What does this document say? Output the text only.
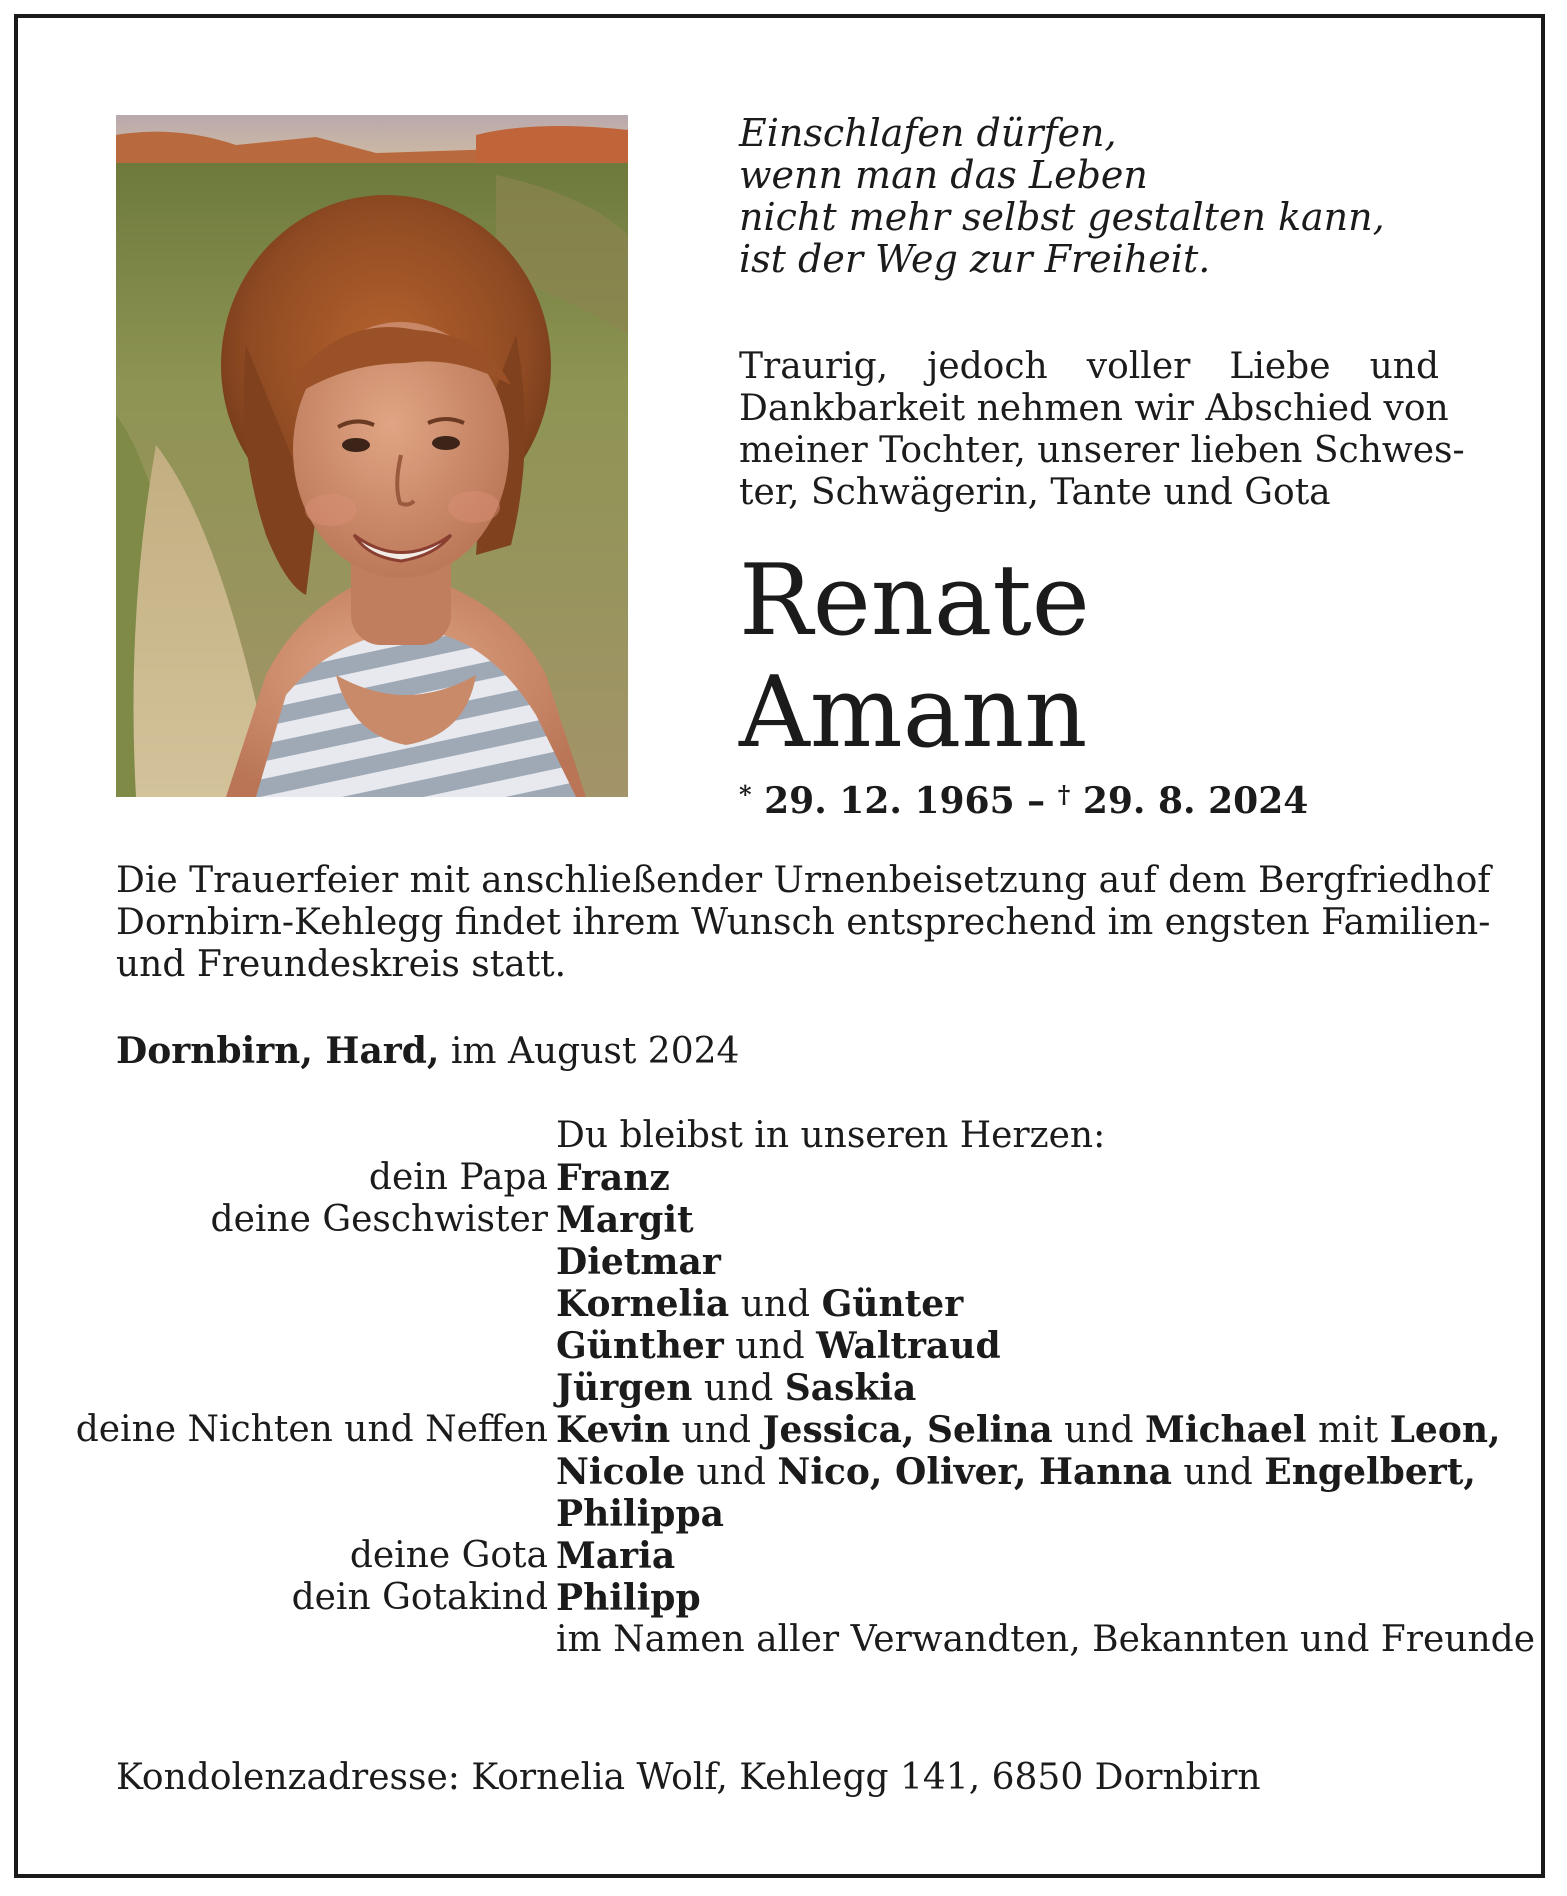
Einschlafen dürfen,
wenn man das Leben
nicht mehr selbst gestalten kann,
ist der Weg zur Freiheit.
Traurig, jedoch voller Liebe und
Dankbarkeit nehmen wir Abschied von
meiner Tochter, unserer lieben Schwes-
ter, Schwägerin, Tante und Gota
Renate
Amann
* 29. 12. 1965 – † 29. 8. 2024
Die Trauerfeier mit anschließender Urnenbeisetzung auf dem Bergfriedhof
Dornbirn-Kehlegg findet ihrem Wunsch entsprechend im engsten Familien-
und Freundeskreis statt.
Dornbirn, Hard, im August 2024
Du bleibst in unseren Herzen:
dein Papa Franz
deine Geschwister Margit
Dietmar
Kornelia und Günter
Günther und Waltraud
Jürgen und Saskia
deine Nichten und Neffen Kevin und Jessica, Selina und Michael mit Leon,
Nicole und Nico, Oliver, Hanna und Engelbert,
Philippa
deine Gota Maria
dein Gotakind Philipp
im Namen aller Verwandten, Bekannten und Freunde
Kondolenzadresse: Kornelia Wolf, Kehlegg 141, 6850 Dornbirn
